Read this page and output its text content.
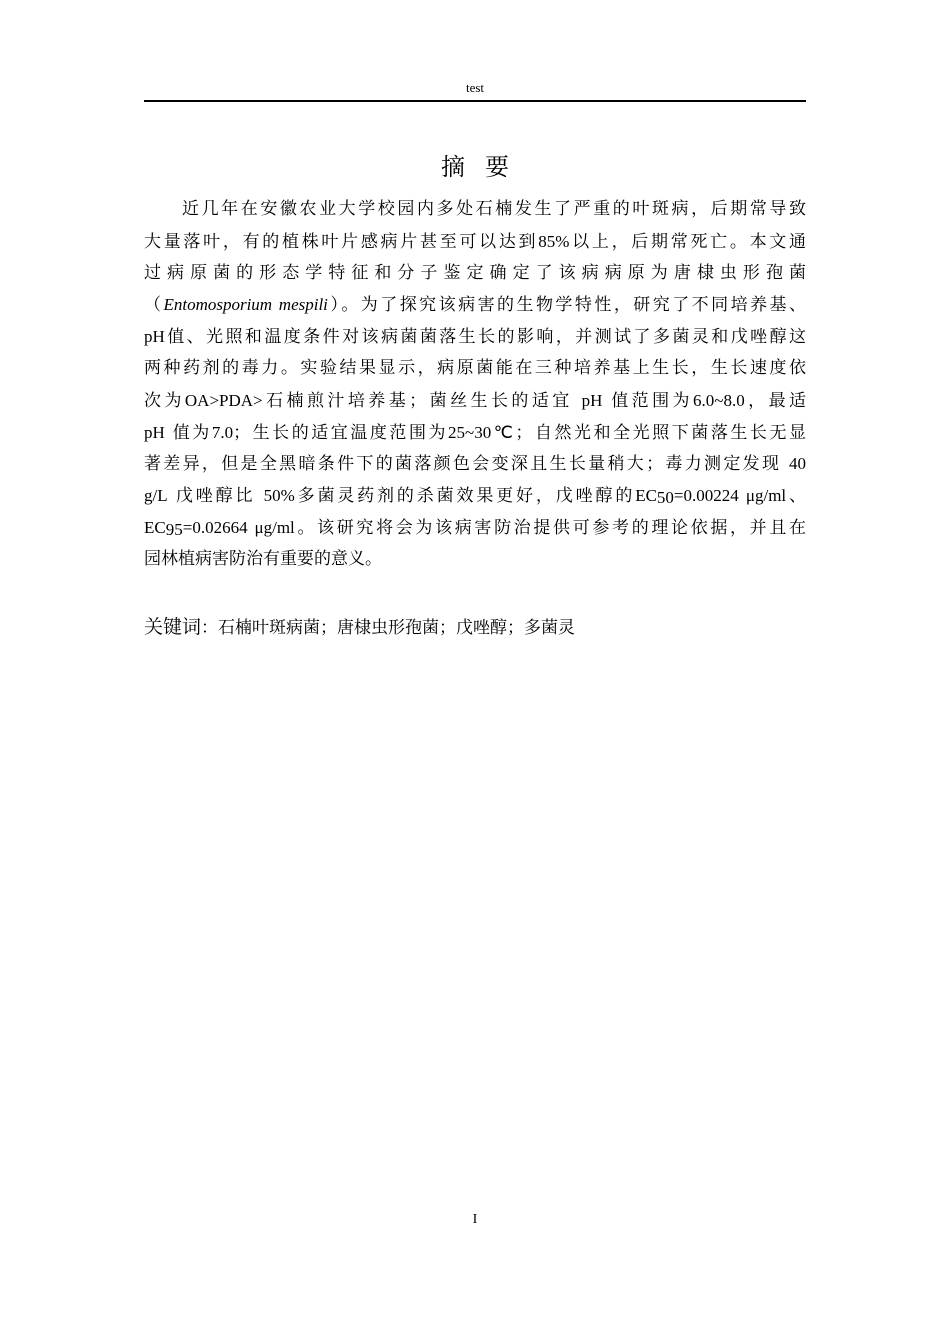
test
摘要
近几年在安徽农业大学校园内多处石楠发生了严重的叶斑病，后期常导致
大量落叶，有的植株叶片感病片甚至可以达到85%以上，后期常死亡。本文通
过病原菌的形态学特征和分子鉴定确定了该病病原为唐棣虫形孢菌
（Entomosporium mespili）。为了探究该病害的生物学特性，研究了不同培养基、
pH值、光照和温度条件对该病菌菌落生长的影响，并测试了多菌灵和戊唑醇这
两种药剂的毒力。实验结果显示，病原菌能在三种培养基上生长，生长速度依
次为OA>PDA>石楠煎汁培养基；菌丝生长的适宜 pH 值范围为6.0~8.0，最适
pH 值为7.0；生长的适宜温度范围为25~30℃；自然光和全光照下菌落生长无显
著差异，但是全黑暗条件下的菌落颜色会变深且生长量稍大；毒力测定发现 40
g/L 戊唑醇比 50%多菌灵药剂的杀菌效果更好，戊唑醇的$EC_{50}=0.00224$ μg/ml、
$EC_{95}=0.02664$ μg/ml。该研究将会为该病害防治提供可参考的理论依据，并且在
园林植病害防治有重要的意义。
关键词：石楠叶斑病菌；唐棣虫形孢菌；戊唑醇；多菌灵
I
